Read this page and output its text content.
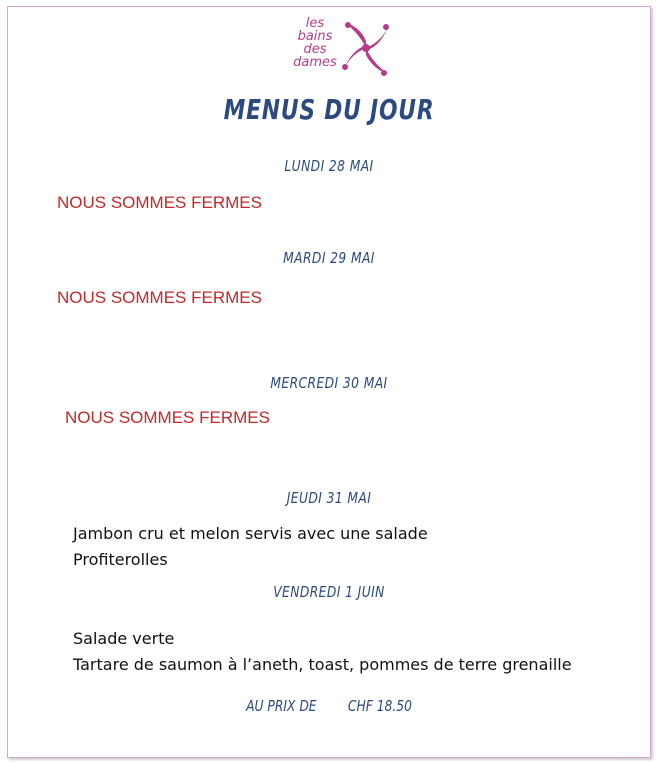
les
bains
des
dames
MENUS DU JOUR
LUNDI 28 MAI
NOUS SOMMES FERMES
MARDI 29 MAI
NOUS SOMMES FERMES
MERCREDI 30 MAI
NOUS SOMMES FERMES
JEUDI 31 MAI
Jambon cru et melon servis avec une salade
Profiterolles
VENDREDI 1 JUIN
Salade verte
Tartare de saumon à l’aneth, toast, pommes de terre grenaille
AU PRIX DE CHF 18.50
